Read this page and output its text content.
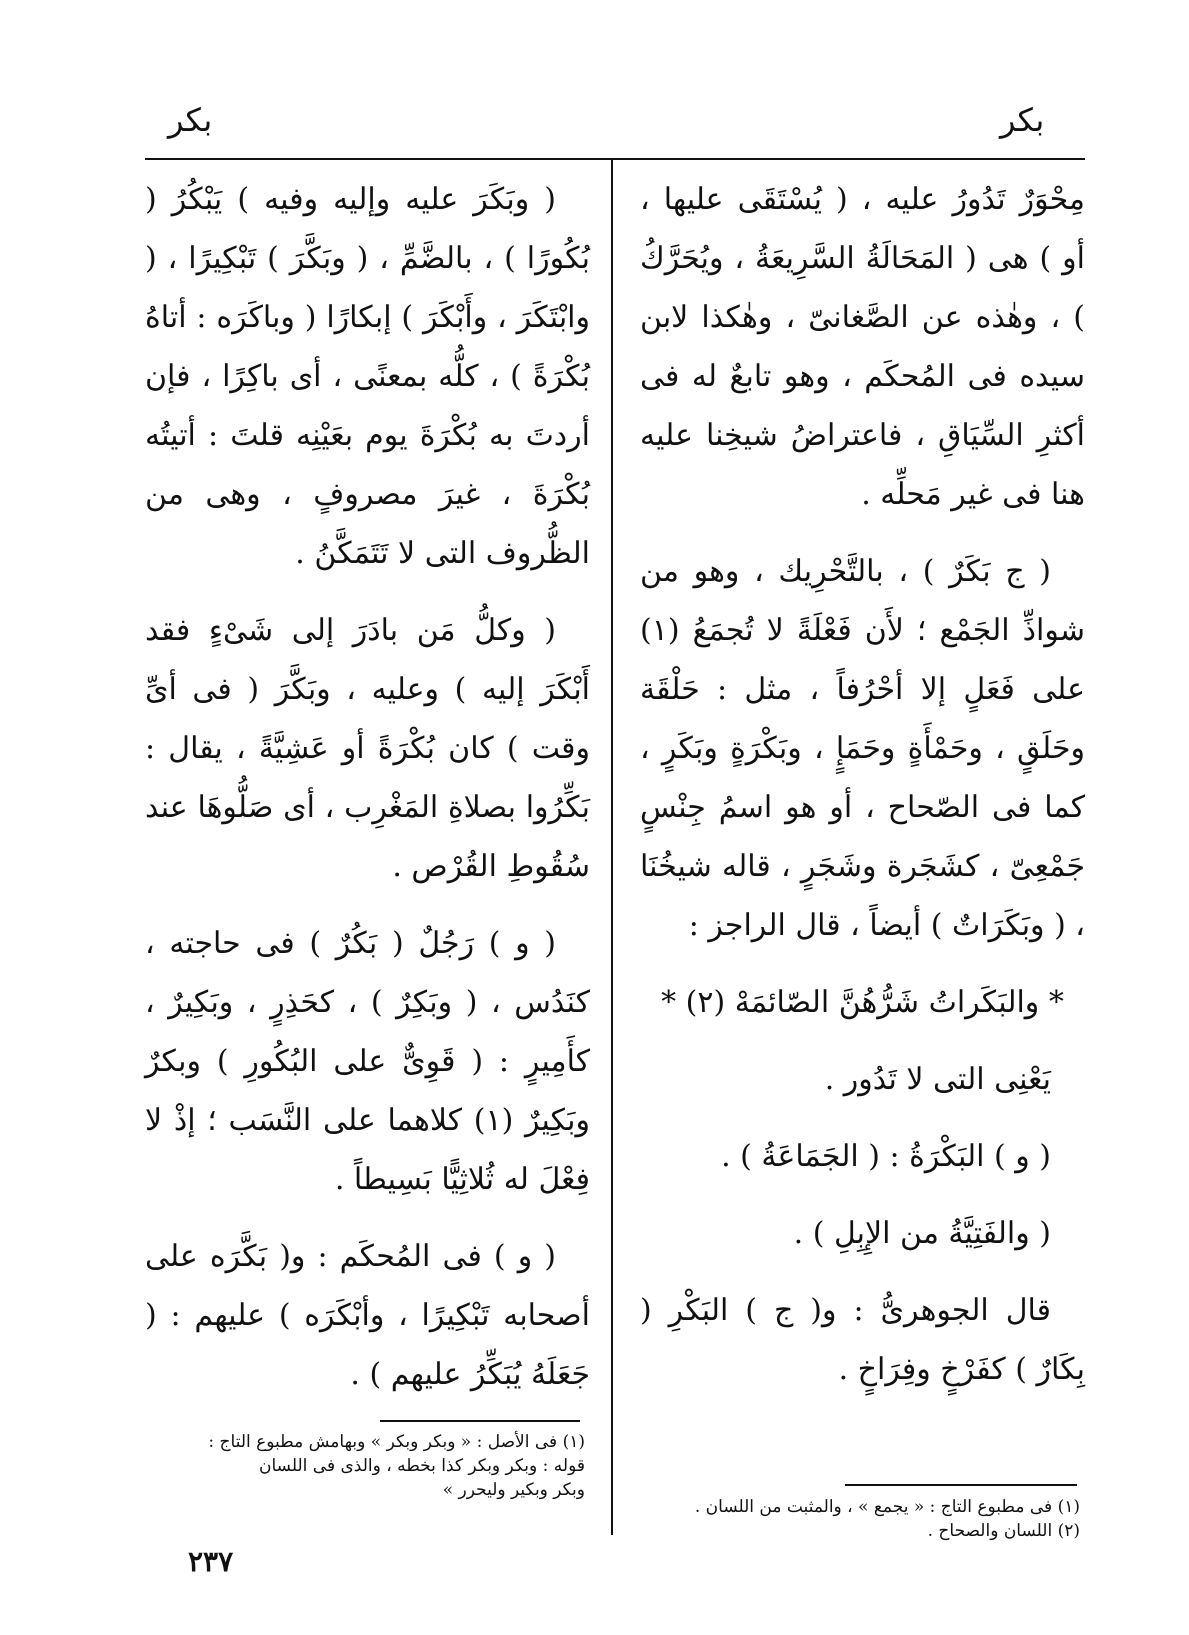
بكر
بكر

مِحْوَرٌ تَدُورُ عليه ، ( يُسْتَقَى عليها ، أو ) هى ( المَحَالَةُ السَّرِيعَةُ ، ويُحَرَّكُ ) ، وهٰذه عن الصَّغانىّ ، وهٰكذا لابن سيده فى المُحكَم ، وهو تابعٌ له فى أكثرِ السِّيَاقِ ، فاعتراضُ شيخِنا عليه هنا فى غير مَحلِّه .

( ج بَكَرٌ ) ، بالتَّحْرِيك ، وهو من شواذِّ الجَمْع ؛ لأَن فَعْلَةً لا تُجمَعُ (١) على فَعَلٍ إلا أحْرُفاً ، مثل : حَلْقَة وحَلَقٍ ، وحَمْأَةٍ وحَمَإٍ ، وبَكْرَةٍ وبَكَرٍ ، كما فى الصّحاح ، أو هو اسمُ جِنْسٍ جَمْعِىّ ، كشَجَرة وشَجَرٍ ، قاله شيخُنَا ، ( وبَكَرَاتٌ ) أيضاً ، قال الراجز :

* والبَكَراتُ شَرُّهُنَّ الصّائمَهْ (٢) *

يَعْنِى التى لا تَدُور .

( و ) البَكْرَةُ : ( الجَمَاعَةُ ) .

( والفَتِيَّةُ من الإِبِلِ ) .

قال الجوهرىُّ : و( ج ) البَكْرِ ( بِكَارٌ ) كفَرْخٍ وفِرَاخٍ .

( وبَكَرَ عليه وإليه وفيه ) يَبْكُرُ ( بُكُورًا ) ، بالضَّمِّ ، ( وبَكَّرَ ) تَبْكِيرًا ، ( وابْتَكَرَ ، وأَبْكَرَ ) إبكارًا ( وباكَرَه : أتاهُ بُكْرَةً ) ، كلُّه بمعنًى ، أى باكِرًا ، فإن أردتَ به بُكْرَةَ يوم بعَيْنِه قلتَ : أتيتُه بُكْرَةَ ، غيرَ مصروفٍ ، وهى من الظُّروف التى لا تَتَمَكَّنُ .

( وكلُّ مَن بادَرَ إلى شَىْءٍ فقد أَبْكَرَ إليه ) وعليه ، وبَكَّرَ ( فى أىِّ وقت ) كان بُكْرَةً أو عَشِيَّةً ، يقال : بَكِّرُوا بصلاةِ المَغْرِب ، أى صَلُّوهَا عند سُقُوطِ القُرْص .

( و ) رَجُلٌ ( بَكُرٌ ) فى حاجته ، كنَدُس ، ( وبَكِرٌ ) ، كحَذِرٍ ، وبَكِيرٌ ، كأَمِيرٍ : ( قَوِىٌّ على البُكُورِ ) وبكرٌ وبَكِيرٌ (١) كلاهما على النَّسَب ؛ إذْ لا فِعْلَ له ثُلاثِيًّا بَسِيطاً .

( و ) فى المُحكَم : و( بَكَّرَه على أصحابه تَبْكِيرًا ، وأبْكَرَه ) عليهم : ( جَعَلَهُ يُبَكِّرُ عليهم ) .

(١) فى الأصل : « وبكر وبكر » وبهامش مطبوع التاج :
قوله : وبكر وبكر كذا بخطه ، والذى فى اللسان
وبكر وبكير وليحرر »
(١) فى مطبوع التاج : « يجمع » ، والمثبت من اللسان .
(٢) اللسان والصحاح .
٢٣٧
